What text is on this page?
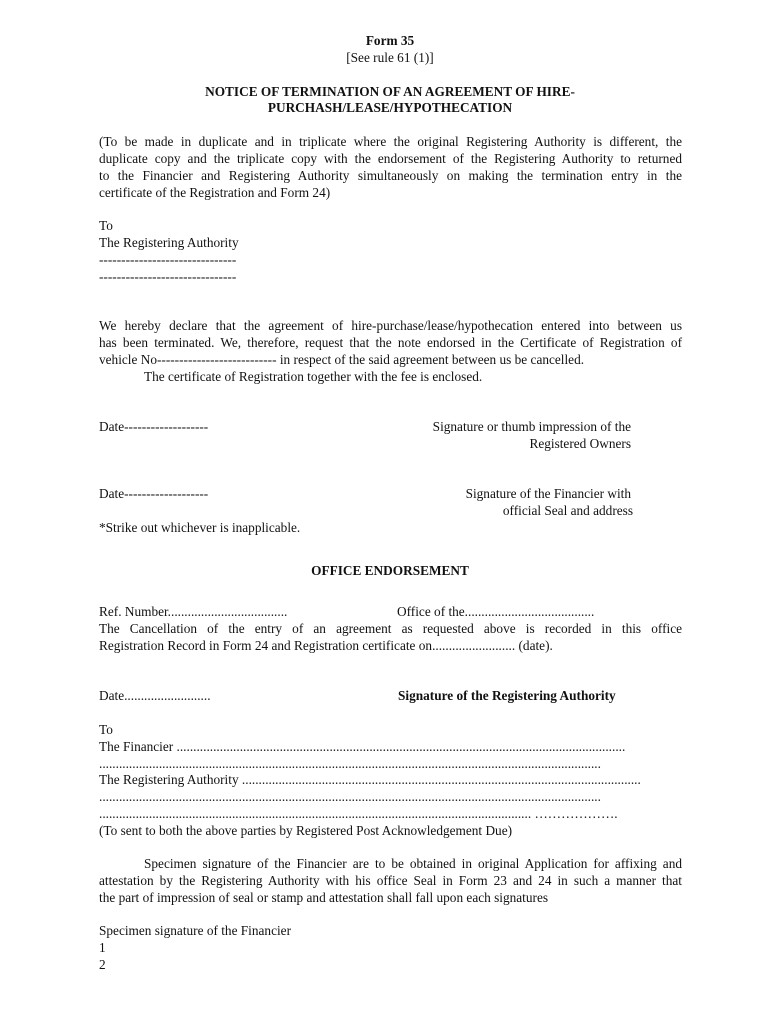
Form 35
[See rule 61 (1)]
NOTICE OF TERMINATION OF AN AGREEMENT OF HIRE-
PURCHASH/LEASE/HYPOTHECATION
(To be made in duplicate and in triplicate where the original Registering Authority is different, the
duplicate copy and the triplicate copy with the endorsement of the Registering Authority to returned
to the Financier and Registering Authority simultaneously on making the termination entry in the
certificate of the Registration and Form 24)
To
The Registering Authority
-------------------------------
-------------------------------
We hereby declare that the agreement of hire-purchase/lease/hypothecation entered into between us
has been terminated. We, therefore, request that the note endorsed in the Certificate of Registration of
vehicle No--------------------------- in respect of the said agreement between us be cancelled.
The certificate of Registration together with the fee is enclosed.
Date-------------------	Signature or thumb impression of the
Registered Owners
Date-------------------	Signature of the Financier with
official Seal and address
*Strike out whichever is inapplicable.
OFFICE ENDORSEMENT
Ref. Number....................................	Office of the.......................................
The Cancellation of the entry of an agreement as requested above is recorded in this office
Registration Record in Form 24 and Registration certificate on......................... (date).
Date..........................	Signature of the Registering Authority
To
The Financier .......................................................................................................................................
.......................................................................................................................................................
The Registering Authority ........................................................................................................................
.......................................................................................................................................................
.................................................................................................................................. ……………….
(To sent to both the above parties by Registered Post Acknowledgement Due)
Specimen signature of the Financier are to be obtained in original Application for affixing and
attestation by the Registering Authority with his office Seal in Form 23 and 24 in such a manner that
the part of impression of seal or stamp and attestation shall fall upon each signatures
Specimen signature of the Financier
1
2
